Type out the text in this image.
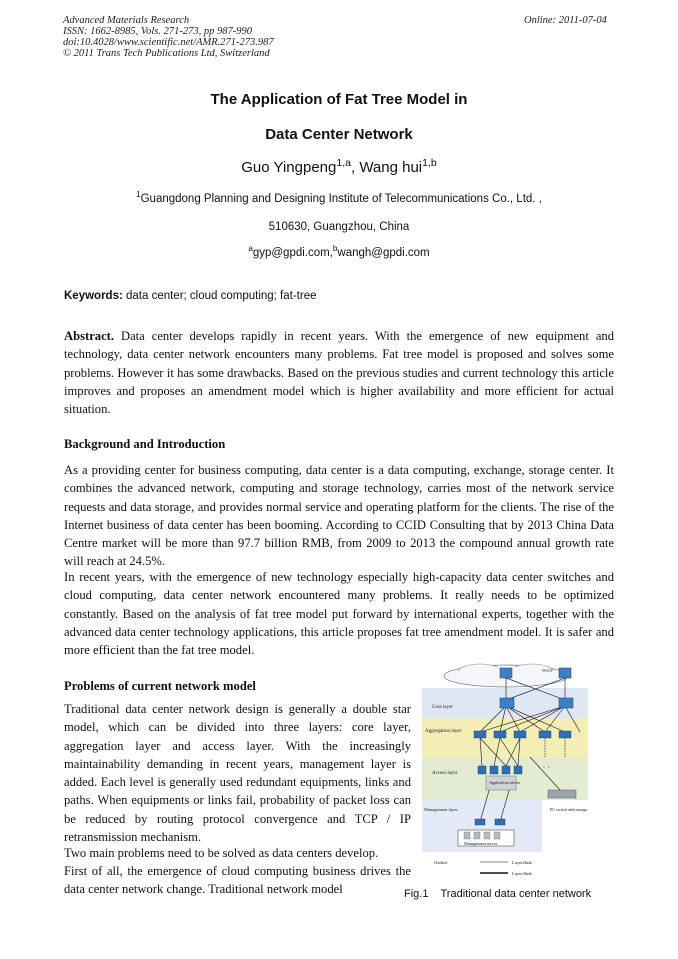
Advanced Materials Research
ISSN: 1662-8985, Vols. 271-273, pp 987-990
doi:10.4028/www.scientific.net/AMR.271-273.987
© 2011 Trans Tech Publications Ltd, Switzerland
Online: 2011-07-04
The Application of Fat Tree Model in
Data Center Network
Guo Yingpeng$^{1,a}$, Wang hui$^{1,b}$
$^1$Guangdong Planning and Designing Institute of Telecommunications Co., Ltd. ,
510630, Guangzhou, China
$^a$gyp@gpdi.com,$^b$wangh@gpdi.com
Keywords: data center; cloud computing; fat-tree

Abstract. Data center develops rapidly in recent years. With the emergence of new equipment and technology, data center network encounters many problems. Fat tree model is proposed and solves some problems. However it has some drawbacks. Based on the previous studies and current technology this article improves and proposes an amendment model which is higher availability and more efficient for actual situation.

Background and Introduction

As a providing center for business computing, data center is a data computing, exchange, storage center. It combines the advanced network, computing and storage technology, carries most of the network service requests and data storage, and provides normal service and operating platform for the clients. The rise of the Internet business of data center has been booming. According to CCID Consulting that by 2013 China Data Centre market will be more than 97.7 billion RMB, from 2009 to 2013 the compound annual growth rate will reach at 24.5%.

In recent years, with the emergence of new technology especially high-capacity data center switches and cloud computing, data center network encountered many problems. It really needs to be optimized constantly. Based on the analysis of fat tree model put forward by international experts, together with the advanced data center technology applications, this article proposes fat tree amendment model. It is safer and more efficient than the fat tree model.

Problems of current network model

Traditional data center network design is generally a double star model, which can be divided into three layers: core layer, aggregation layer and access layer. With the increasingly maintainability demanding in recent years, management layer is added. Each level is generally used redundant equipments, links and paths. When equipments or links fail, probability of packet loss can be reduced by routing protocol convergence and TCP / IP retransmission mechanism.

Two main problems need to be solved as data centers develop.

First of all, the emergence of cloud computing business drives the data center network change. Traditional network model

WAN
Core layer
Aggregation layer
Access layer
Management layer
· · ·
Application server
PC switch and storage
Management server
Outline	Layer2link
Layer3link
Fig.1    Traditional data center network
